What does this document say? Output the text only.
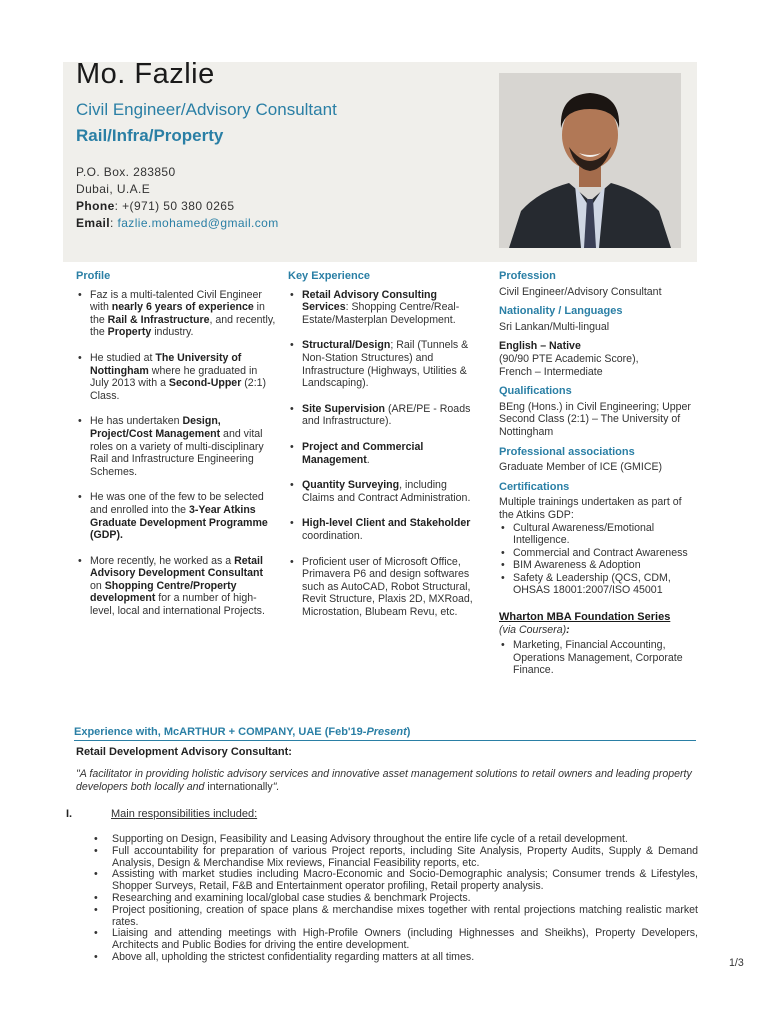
Mo. Fazlie
Civil Engineer/Advisory Consultant
Rail/Infra/Property
P.O. Box. 283850
Dubai, U.A.E
Phone: +(971) 50 380 0265
Email: fazlie.mohamed@gmail.com
Profile
• Faz is a multi-talented Civil Engineer with nearly 6 years of experience in the Rail & Infrastructure, and recently, the Property industry.
• He studied at The University of Nottingham where he graduated in July 2013 with a Second-Upper (2:1) Class.
• He has undertaken Design, Project/Cost Management and vital roles on a variety of multi-disciplinary Rail and Infrastructure Engineering Schemes.
• He was one of the few to be selected and enrolled into the 3-Year Atkins Graduate Development Programme (GDP).
• More recently, he worked as a Retail Advisory Development Consultant on Shopping Centre/Property development for a number of high-level, local and international Projects.
Key Experience
• Retail Advisory Consulting Services: Shopping Centre/Real-Estate/Masterplan Development.
• Structural/Design; Rail (Tunnels & Non-Station Structures) and Infrastructure (Highways, Utilities & Landscaping).
• Site Supervision (ARE/PE - Roads and Infrastructure).
• Project and Commercial Management.
• Quantity Surveying, including Claims and Contract Administration.
• High-level Client and Stakeholder coordination.
• Proficient user of Microsoft Office, Primavera P6 and design softwares such as AutoCAD, Robot Structural, Revit Structure, Plaxis 2D, MXRoad, Microstation, Blubeam Revu, etc.
Profession
Civil Engineer/Advisory Consultant
Nationality / Languages
Sri Lankan/Multi-lingual
English – Native
(90/90 PTE Academic Score),
French – Intermediate
Qualifications
BEng (Hons.) in Civil Engineering; Upper Second Class (2:1) – The University of Nottingham
Professional associations
Graduate Member of ICE (GMICE)
Certifications
Multiple trainings undertaken as part of the Atkins GDP:
• Cultural Awareness/Emotional Intelligence.
• Commercial and Contract Awareness
• BIM Awareness & Adoption
• Safety & Leadership (QCS, CDM, OHSAS 18001:2007/ISO 45001
Wharton MBA Foundation Series
(via Coursera):
• Marketing, Financial Accounting, Operations Management, Corporate Finance.
Experience with, McARTHUR + COMPANY, UAE (Feb'19-Present)
Retail Development Advisory Consultant:
"A facilitator in providing holistic advisory services and innovative asset management solutions to retail owners and leading property developers both locally and internationally".
I.	Main responsibilities included:
• Supporting on Design, Feasibility and Leasing Advisory throughout the entire life cycle of a retail development.
• Full accountability for preparation of various Project reports, including Site Analysis, Property Audits, Supply & Demand Analysis, Design & Merchandise Mix reviews, Financial Feasibility reports, etc.
• Assisting with market studies including Macro-Economic and Socio-Demographic analysis; Consumer trends & Lifestyles, Shopper Surveys, Retail, F&B and Entertainment operator profiling, Retail property analysis.
• Researching and examining local/global case studies & benchmark Projects.
• Project positioning, creation of space plans & merchandise mixes together with rental projections matching realistic market rates.
• Liaising and attending meetings with High-Profile Owners (including Highnesses and Sheikhs), Property Developers, Architects and Public Bodies for driving the entire development.
• Above all, upholding the strictest confidentiality regarding matters at all times.
1/3
